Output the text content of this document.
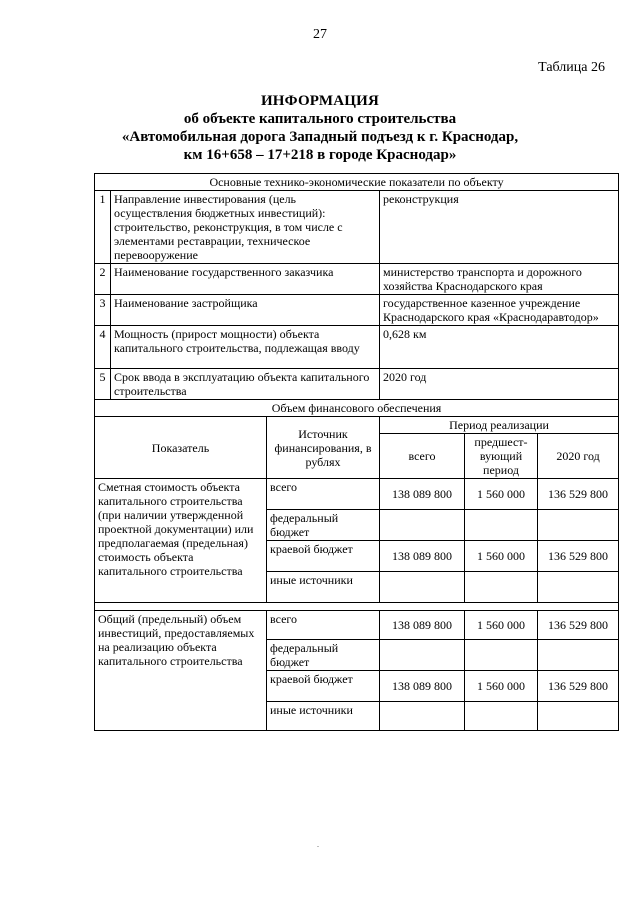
27
Таблица 26
ИНФОРМАЦИЯ
об объекте капитального строительства
«Автомобильная дорога Западный подъезд к г. Краснодар,
км 16+658 – 17+218 в городе Краснодар»
Основные технико-экономические показатели по объекту					
1	Направление инвестирования (цель осуществления бюджетных инвестиций): строительство, реконструкция, в том числе с элементами реставрации, техническое перевооружение		реконструкция		
2	Наименование государственного заказчика		министерство транспорта и дорожного хозяйства Краснодарского края		
3	Наименование застройщика		государственное казенное учреждение Краснодарского края «Краснодаравтодор»		
4	Мощность (прирост мощности) объекта капитального строительства, подлежащая вводу		0,628 км		
5	Срок ввода в эксплуатацию объекта капитального строительства		2020 год		
Объем финансового обеспечения					
Показатель		Источник финансирования, в рублях	Период реализации		
			всего	предшест-вующий период	2020 год
Сметная стоимость объекта капитального строительства (при наличии утвержденной проектной документации) или предполагаемая (предельная) стоимость объекта капитального строительства		всего	138 089 800	1 560 000	136 529 800
		федеральный бюджет			
		краевой бюджет	138 089 800	1 560 000	136 529 800
		иные источники			

Общий (предельный) объем инвестиций, предоставляемых на реализацию объекта капитального строительства		всего	138 089 800	1 560 000	136 529 800
		федеральный бюджет			
		краевой бюджет	138 089 800	1 560 000	136 529 800
		иные источники			
.
